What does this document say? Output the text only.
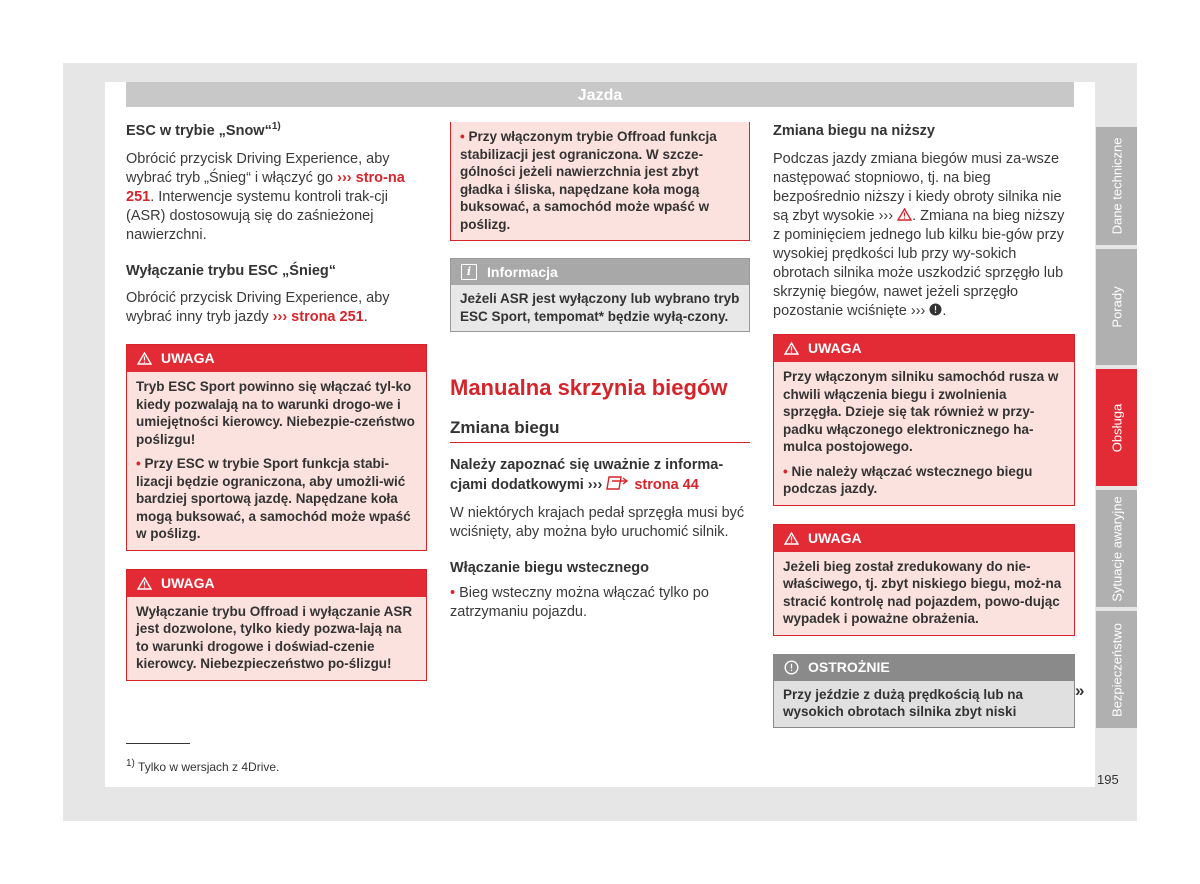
Jazda
ESC w trybie „Snow“$^{1)}$

Obrócić przycisk Driving Experience, aby wybrać tryb „Śnieg“ i włączyć go ››› stro-na 251. Interwencje systemu kontroli trak-cji (ASR) dostosowują się do zaśnieżonej nawierzchni.

Wyłączanie trybu ESC „Śnieg“

Obrócić przycisk Driving Experience, aby wybrać inny tryb jazdy ››› strona 251.

UWAGA

Tryb ESC Sport powinno się włączać tyl-ko kiedy pozwalają na to warunki drogo-we i umiejętności kierowcy. Niebezpie-czeństwo poślizgu!

• Przy ESC w trybie Sport funkcja stabi-lizacji będzie ograniczona, aby umożli-wić bardziej sportową jazdę. Napędzane koła mogą buksować, a samochód może wpaść w poślizg.

UWAGA

Wyłączanie trybu Offroad i wyłączanie ASR jest dozwolone, tylko kiedy pozwa-lają na to warunki drogowe i doświad-czenie kierowcy. Niebezpieczeństwo po-ślizgu!

• Przy włączonym trybie Offroad funkcja stabilizacji jest ograniczona. W szcze-gólności jeżeli nawierzchnia jest zbyt gładka i śliska, napędzane koła mogą buksować, a samochód może wpaść w poślizg.

i	Informacja
Jeżeli ASR jest wyłączony lub wybrano tryb ESC Sport, tempomat* będzie wyłą-czony.
Manualna skrzynia biegów
Zmiana biegu

Należy zapoznać się uważnie z informa-cjami dodatkowymi ›››  strona 44

W niektórych krajach pedał sprzęgła musi być wciśnięty, aby można było uruchomić silnik.

Włączanie biegu wstecznego

• Bieg wsteczny można włączać tylko po zatrzymaniu pojazdu.

Zmiana biegu na niższy

Podczas jazdy zmiana biegów musi za-wsze następować stopniowo, tj. na bieg bezpośrednio niższy i kiedy obroty silnika nie są zbyt wysokie ››› . Zmiana na bieg niższy z pominięciem jednego lub kilku bie-gów przy wysokiej prędkości lub przy wy-sokich obrotach silnika może uszkodzić sprzęgło lub skrzynię biegów, nawet jeżeli sprzęgło pozostanie wciśnięte ››› .

UWAGA

Przy włączonym silniku samochód rusza w chwili włączenia biegu i zwolnienia sprzęgła. Dzieje się tak również w przy-padku włączonego elektronicznego ha-mulca postojowego.

• Nie należy włączać wstecznego biegu podczas jazdy.

UWAGA
Jeżeli bieg został zredukowany do nie-właściwego, tj. zbyt niskiego biegu, moż-na stracić kontrolę nad pojazdem, powo-dując wypadek i poważne obrażenia.
OSTROŻNIE
Przy jeździe z dużą prędkością lub na wysokich obrotach silnika zbyt niski
»
Dane techniczne
Porady
Obsługa
Sytuacje awaryjne
Bezpieczeństwo
$^{1)}$ Tylko w wersjach z 4Drive.
195
